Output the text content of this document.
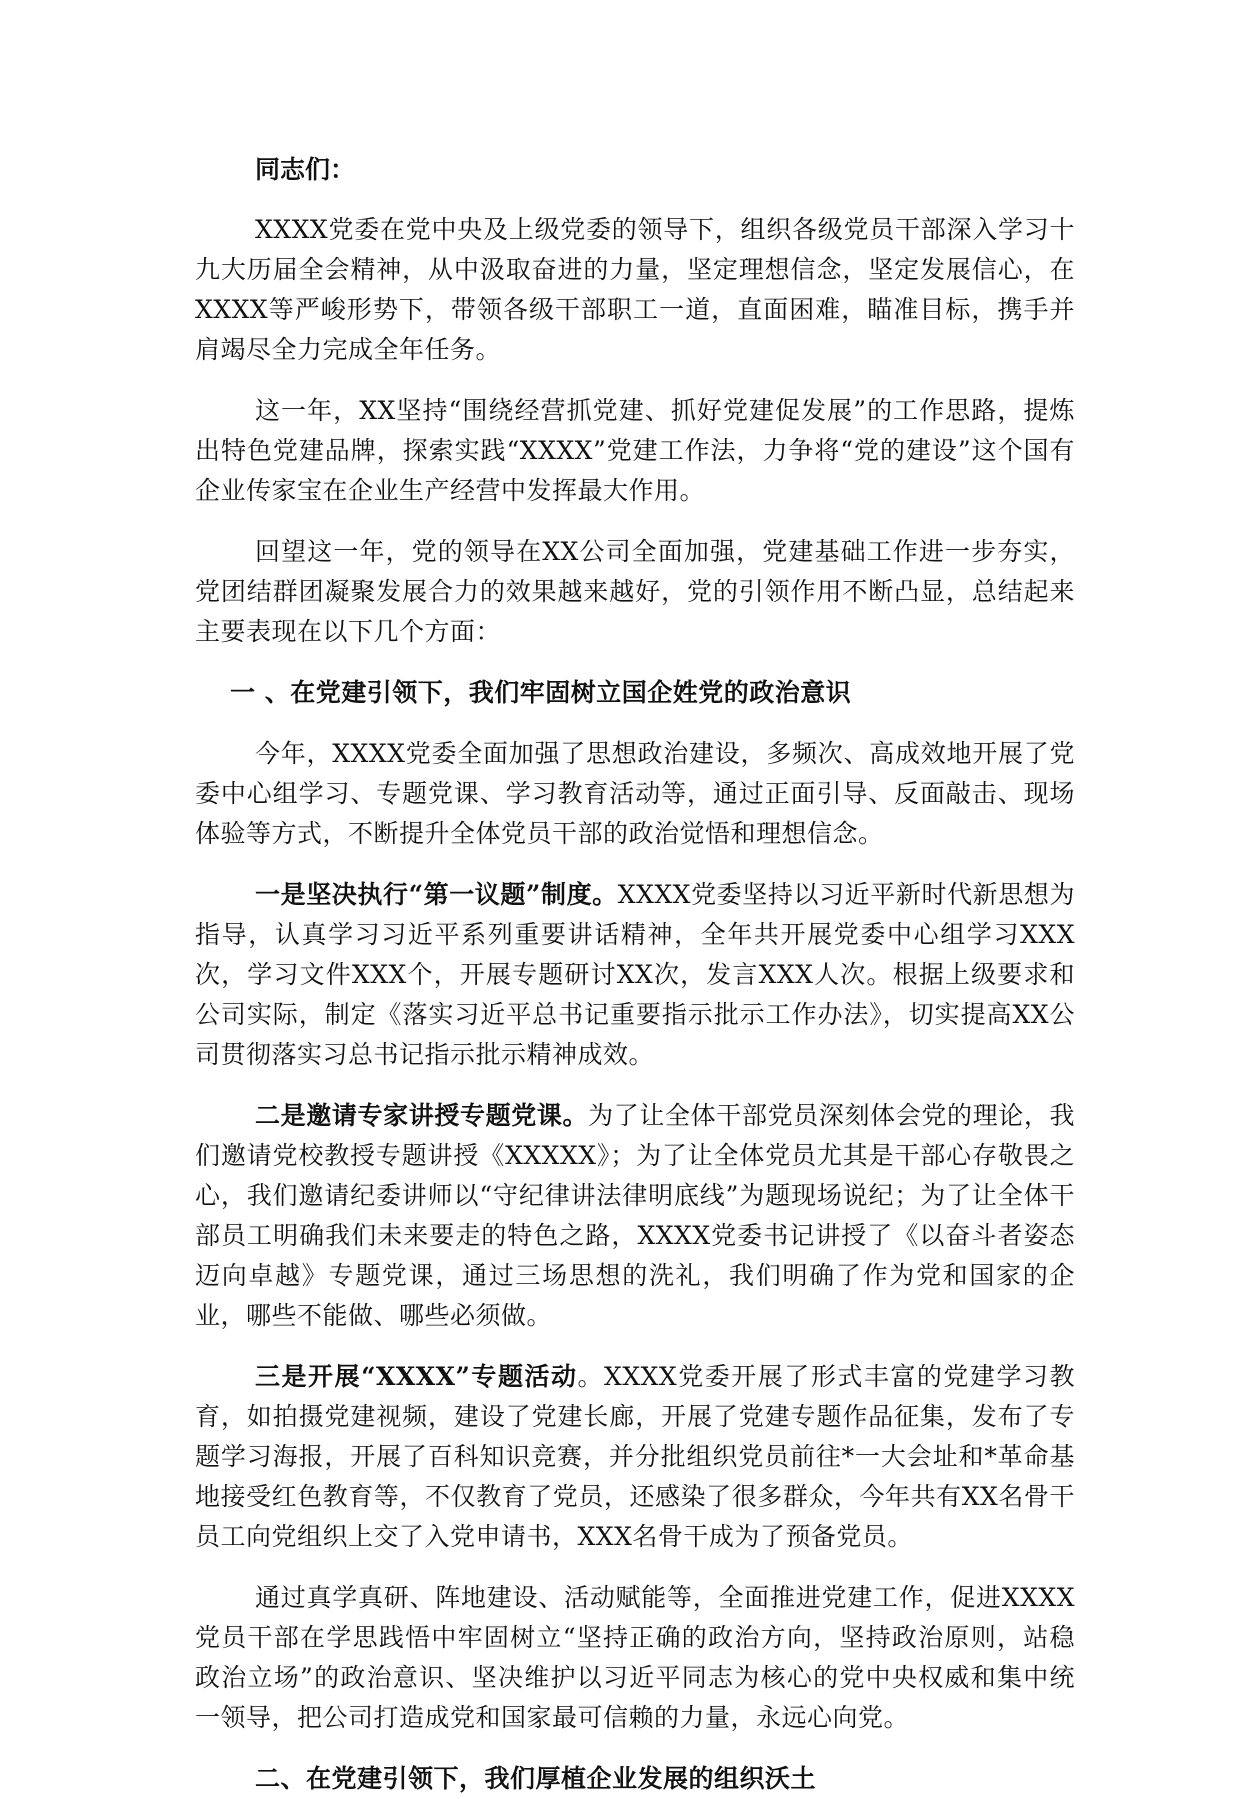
同志们：

XXXX党委在党中央及上级党委的领导下，组织各级党员干部深入学习十九大历届全会精神，从中汲取奋进的力量，坚定理想信念，坚定发展信心，在XXXX等严峻形势下，带领各级干部职工一道，直面困难，瞄准目标，携手并肩竭尽全力完成全年任务。

这一年，XX坚持“围绕经营抓党建、抓好党建促发展”的工作思路，提炼出特色党建品牌，探索实践“XXXX”党建工作法，力争将“党的建设”这个国有企业传家宝在企业生产经营中发挥最大作用。

回望这一年，党的领导在XX公司全面加强，党建基础工作进一步夯实，党团结群团凝聚发展合力的效果越来越好，党的引领作用不断凸显，总结起来主要表现在以下几个方面：

一 、在党建引领下，我们牢固树立国企姓党的政治意识

今年，XXXX党委全面加强了思想政治建设，多频次、高成效地开展了党委中心组学习、专题党课、学习教育活动等，通过正面引导、反面敲击、现场体验等方式，不断提升全体党员干部的政治觉悟和理想信念。

一是坚决执行“第一议题”制度。XXXX党委坚持以习近平新时代新思想为指导，认真学习习近平系列重要讲话精神，全年共开展党委中心组学习XXX次，学习文件XXX个，开展专题研讨XX次，发言XXX人次。根据上级要求和公司实际，制定《落实习近平总书记重要指示批示工作办法》，切实提高XX公司贯彻落实习总书记指示批示精神成效。

二是邀请专家讲授专题党课。为了让全体干部党员深刻体会党的理论，我们邀请党校教授专题讲授《XXXXX》；为了让全体党员尤其是干部心存敬畏之心，我们邀请纪委讲师以“守纪律讲法律明底线”为题现场说纪；为了让全体干部员工明确我们未来要走的特色之路，XXXX党委书记讲授了《以奋斗者姿态迈向卓越》专题党课，通过三场思想的洗礼，我们明确了作为党和国家的企业，哪些不能做、哪些必须做。

三是开展“XXXX”专题活动。XXXX党委开展了形式丰富的党建学习教育，如拍摄党建视频，建设了党建长廊，开展了党建专题作品征集，发布了专题学习海报，开展了百科知识竞赛，并分批组织党员前往*一大会址和*革命基地接受红色教育等，不仅教育了党员，还感染了很多群众，今年共有XX名骨干员工向党组织上交了入党申请书，XXX名骨干成为了预备党员。

通过真学真研、阵地建设、活动赋能等，全面推进党建工作，促进XXXX党员干部在学思践悟中牢固树立“坚持正确的政治方向，坚持政治原则，站稳政治立场”的政治意识、坚决维护以习近平同志为核心的党中央权威和集中统一领导，把公司打造成党和国家最可信赖的力量，永远心向党。

二、在党建引领下，我们厚植企业发展的组织沃土
